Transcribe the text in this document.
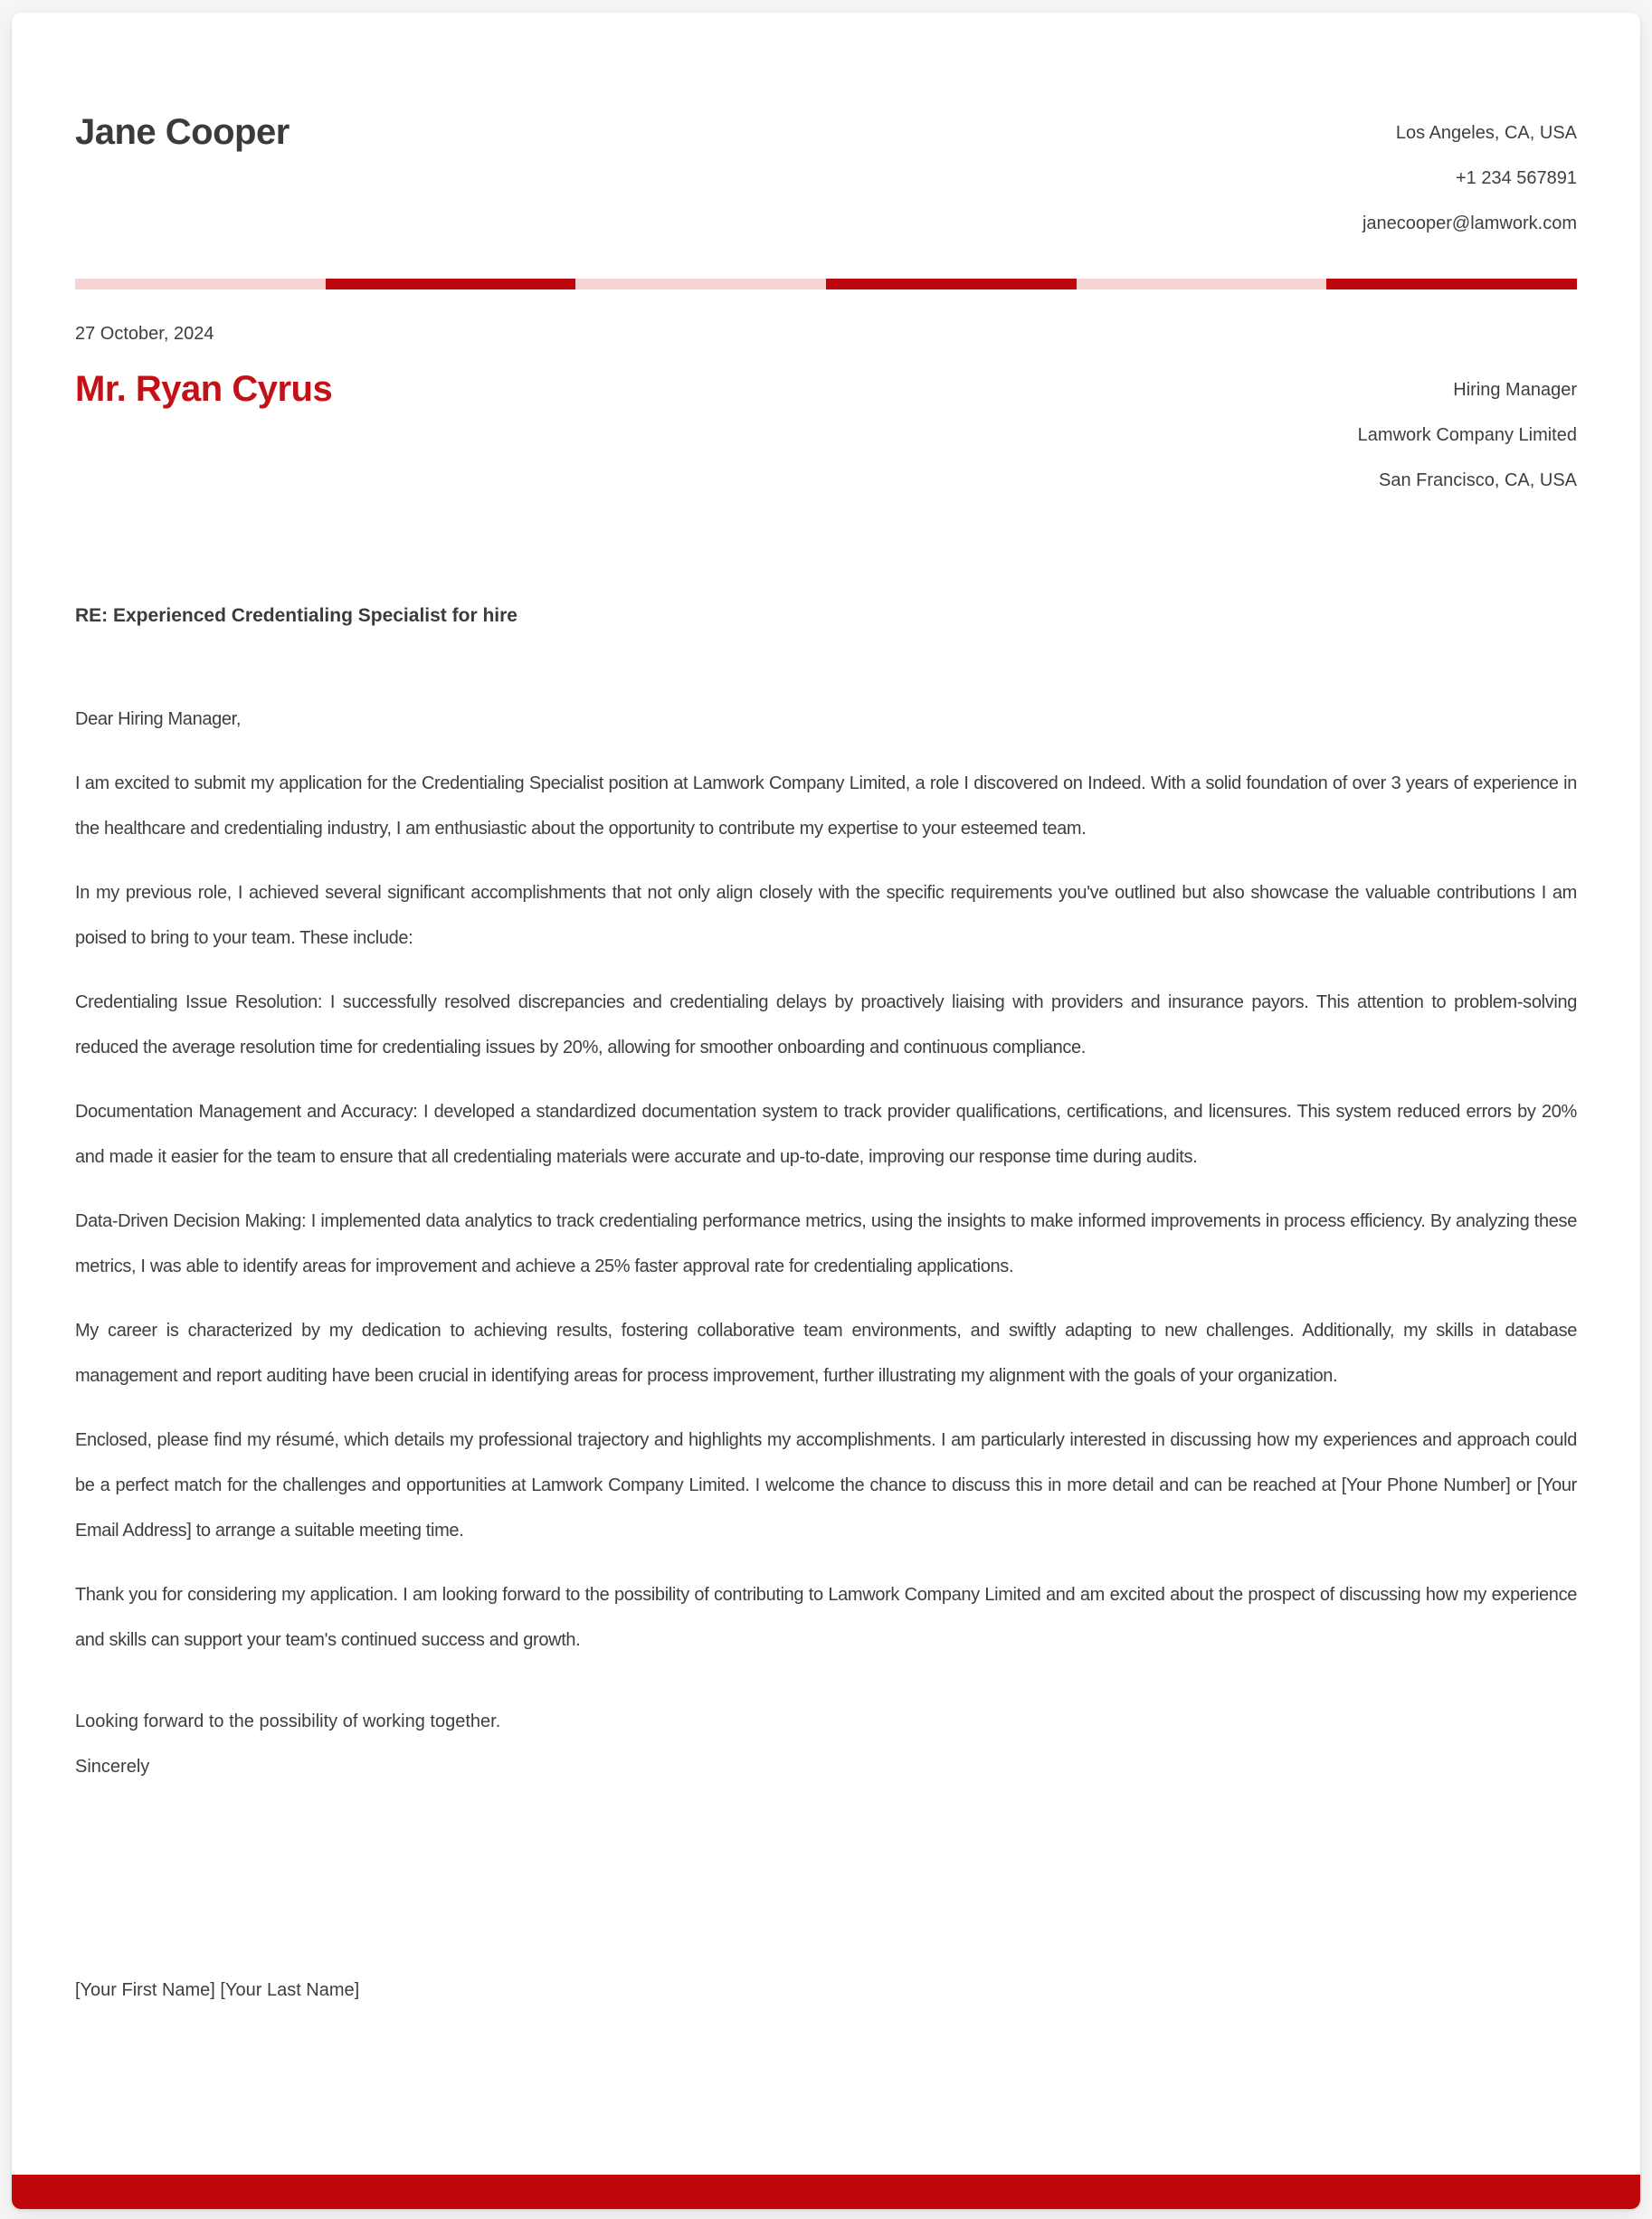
Jane Cooper	Los Angeles, CA, USA
+1 234 567891
janecooper@lamwork.com
27 October, 2024
Mr. Ryan Cyrus	Hiring Manager
Lamwork Company Limited
San Francisco, CA, USA
RE: Experienced Credentialing Specialist for hire

Dear Hiring Manager,

I am excited to submit my application for the Credentialing Specialist position at Lamwork Company Limited, a role I discovered on Indeed. With a solid foundation of over 3 years of experience in the healthcare and credentialing industry, I am enthusiastic about the opportunity to contribute my expertise to your esteemed team.

In my previous role, I achieved several significant accomplishments that not only align closely with the specific requirements you've outlined but also showcase the valuable contributions I am poised to bring to your team. These include:

Credentialing Issue Resolution: I successfully resolved discrepancies and credentialing delays by proactively liaising with providers and insurance payors. This attention to problem-solving reduced the average resolution time for credentialing issues by 20%, allowing for smoother onboarding and continuous compliance.

Documentation Management and Accuracy: I developed a standardized documentation system to track provider qualifications, certifications, and licensures. This system reduced errors by 20% and made it easier for the team to ensure that all credentialing materials were accurate and up-to-date, improving our response time during audits.

Data-Driven Decision Making: I implemented data analytics to track credentialing performance metrics, using the insights to make informed improvements in process efficiency. By analyzing these metrics, I was able to identify areas for improvement and achieve a 25% faster approval rate for credentialing applications.

My career is characterized by my dedication to achieving results, fostering collaborative team environments, and swiftly adapting to new challenges. Additionally, my skills in database management and report auditing have been crucial in identifying areas for process improvement, further illustrating my alignment with the goals of your organization.

Enclosed, please find my résumé, which details my professional trajectory and highlights my accomplishments. I am particularly interested in discussing how my experiences and approach could be a perfect match for the challenges and opportunities at Lamwork Company Limited. I welcome the chance to discuss this in more detail and can be reached at [Your Phone Number] or [Your Email Address] to arrange a suitable meeting time.

Thank you for considering my application. I am looking forward to the possibility of contributing to Lamwork Company Limited and am excited about the prospect of discussing how my experience and skills can support your team's continued success and growth.

Looking forward to the possibility of working together.

Sincerely

[Your First Name] [Your Last Name]
